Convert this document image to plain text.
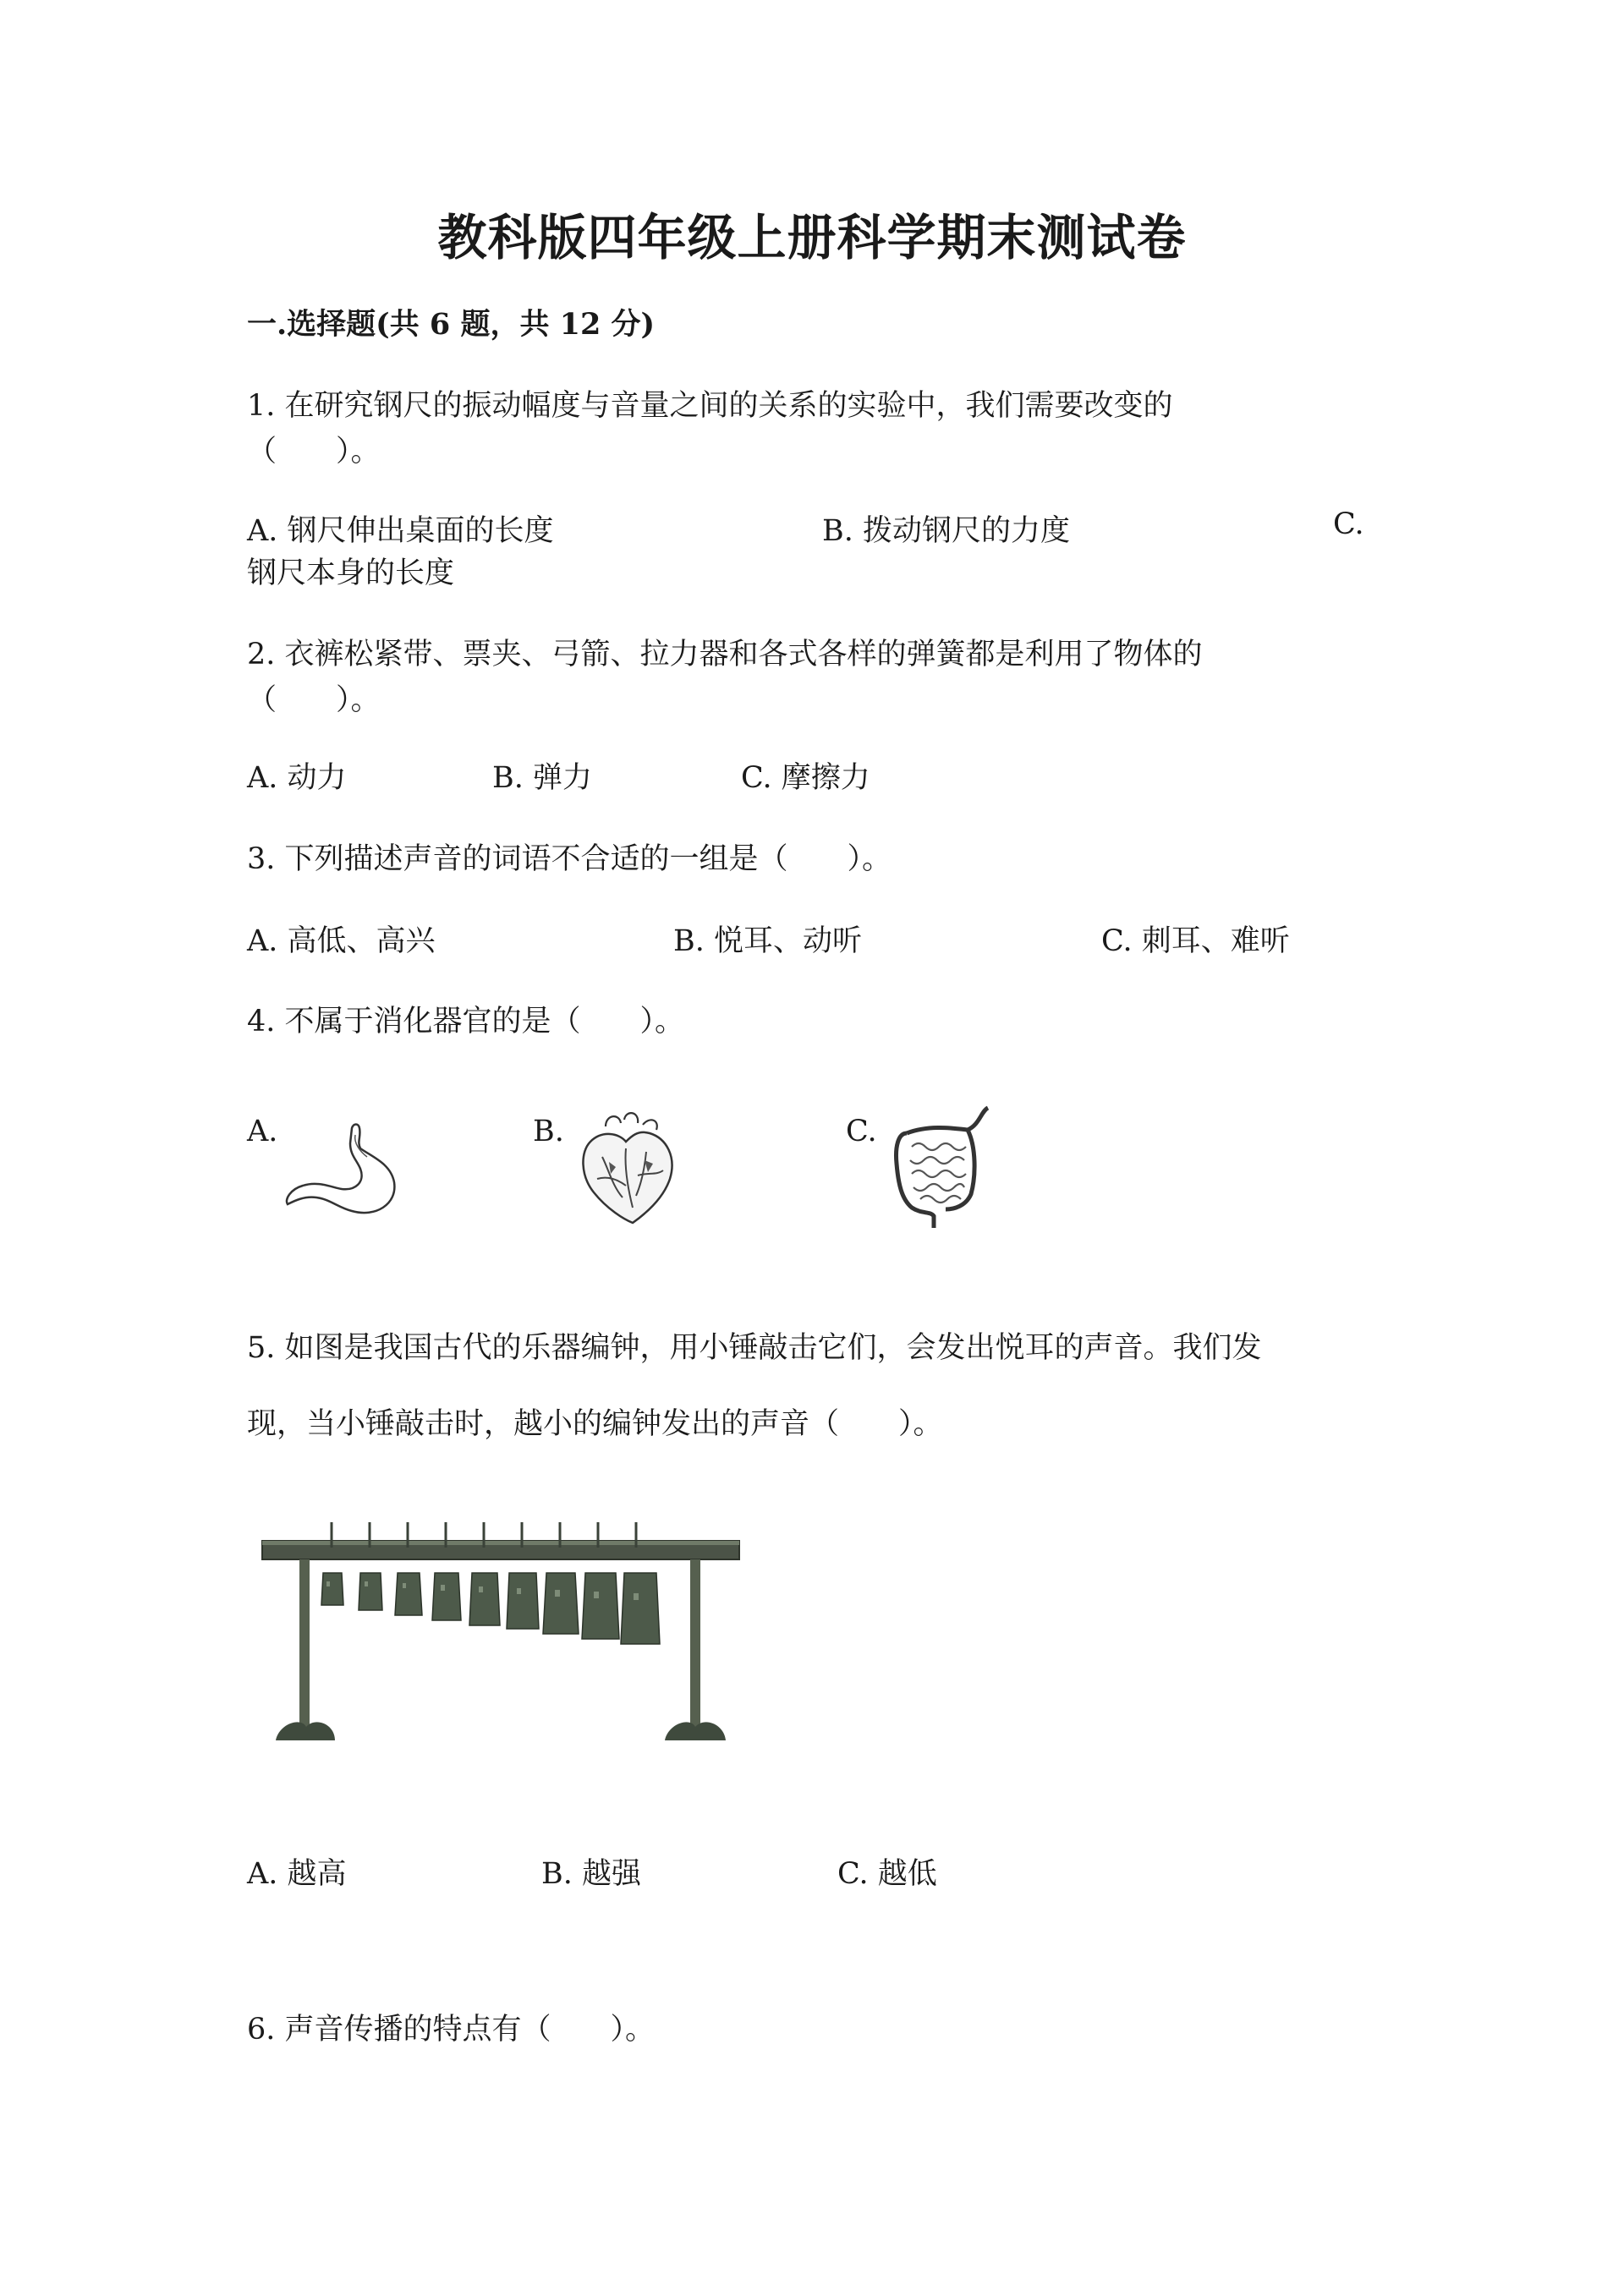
教科版四年级上册科学期末测试卷
一.选择题(共 6 题，共 12 分)
1. 在研究钢尺的振动幅度与音量之间的关系的实验中，我们需要改变的
（　　）。
A. 钢尺伸出桌面的长度	B. 拨动钢尺的力度	C.
钢尺本身的长度
2. 衣裤松紧带、票夹、弓箭、拉力器和各式各样的弹簧都是利用了物体的
（　　）。
A. 动力	B. 弹力	C. 摩擦力
3. 下列描述声音的词语不合适的一组是（　　）。
A. 高低、高兴	B. 悦耳、动听	C. 刺耳、难听
4. 不属于消化器官的是（　　）。
A.	B.	C.
5. 如图是我国古代的乐器编钟，用小锤敲击它们，会发出悦耳的声音。我们发
现，当小锤敲击时，越小的编钟发出的声音（　　）。
A. 越高	B. 越强	C. 越低
6. 声音传播的特点有（　　）。
